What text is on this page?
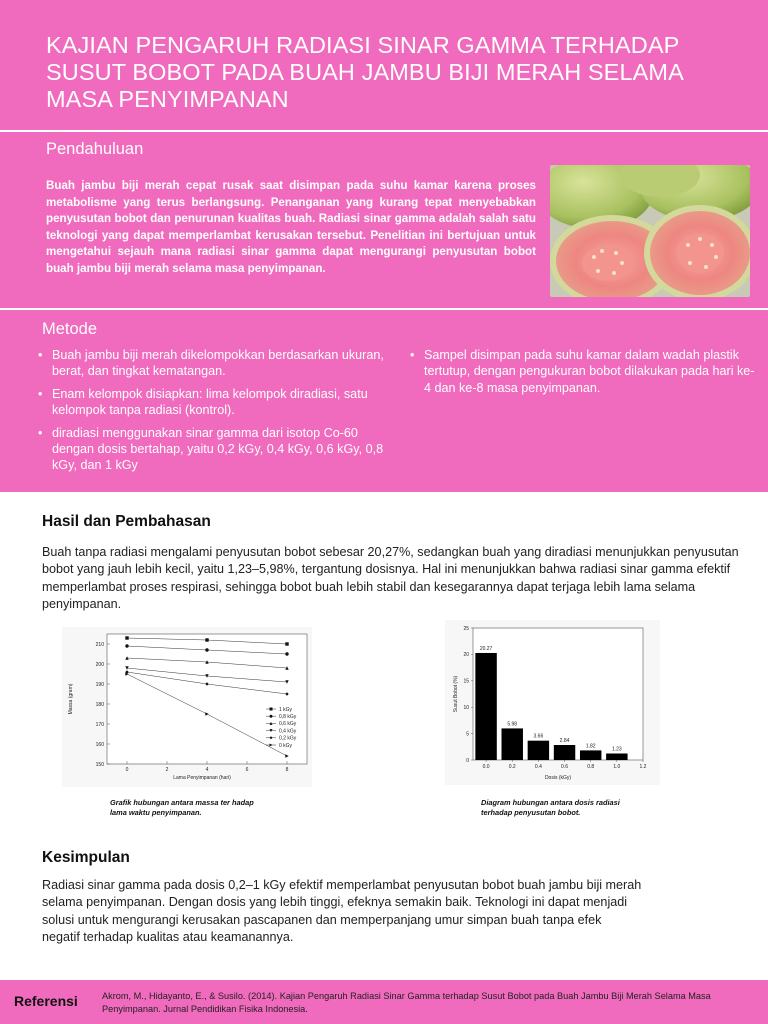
KAJIAN PENGARUH RADIASI SINAR GAMMA TERHADAP SUSUT BOBOT PADA BUAH JAMBU BIJI MERAH SELAMA MASA PENYIMPANAN
Pendahuluan

Buah jambu biji merah cepat rusak saat disimpan pada suhu kamar karena proses metabolisme yang terus berlangsung. Penanganan yang kurang tepat menyebabkan penyusutan bobot dan penurunan kualitas buah. Radiasi sinar gamma adalah salah satu teknologi yang dapat memperlambat kerusakan tersebut. Penelitian ini bertujuan untuk mengetahui sejauh mana radiasi sinar gamma dapat mengurangi penyusutan bobot buah jambu biji merah selama masa penyimpanan.

Metode
• Buah jambu biji merah dikelompokkan berdasarkan ukuran, berat, dan tingkat kematangan.
• Enam kelompok disiapkan: lima kelompok diradiasi, satu kelompok tanpa radiasi (kontrol).
• diradiasi menggunakan sinar gamma dari isotop Co-60 dengan dosis bertahap, yaitu 0,2 kGy, 0,4 kGy, 0,6 kGy, 0,8 kGy, dan 1 kGy
• Sampel disimpan pada suhu kamar dalam wadah plastik tertutup, dengan pengukuran bobot dilakukan pada hari ke-4 dan ke-8 masa penyimpanan.
Hasil dan Pembahasan

Buah tanpa radiasi mengalami penyusutan bobot sebesar 20,27%, sedangkan buah yang diradiasi menunjukkan penyusutan bobot yang jauh lebih kecil, yaitu 1,23–5,98%, tergantung dosisnya. Hal ini menunjukkan bahwa radiasi sinar gamma efektif memperlambat proses respirasi, sehingga bobot buah lebih stabil dan kesegarannya dapat terjaga lebih lama selama penyimpanan.

0	2	4	6	8
150
160
170
180
190
200
210
1 kGy
0,8 kGy
0,6 kGy
0,4 kGy
0,2 kGy
0 kGy
Lama Penyimpanan (hari)
Massa (gram)
0.0	0.2	0.4	0.6	0.8	1.0	1.2
0
5
10
15
20
25
20.27
5.98
3.66
2.84
1.82
1.23
Dosis (kGy)
Susut Bobot (%)

Grafik hubungan antara massa ter hadap lama waktu penyimpanan.

Diagram hubungan antara dosis radiasi terhadap penyusutan bobot.

Kesimpulan

Radiasi sinar gamma pada dosis 0,2–1 kGy efektif memperlambat penyusutan bobot buah jambu biji merah selama penyimpanan. Dengan dosis yang lebih tinggi, efeknya semakin baik. Teknologi ini dapat menjadi solusi untuk mengurangi kerusakan pascapanen dan memperpanjang umur simpan buah tanpa efek negatif terhadap kualitas atau keamanannya.

Referensi	Akrom, M., Hidayanto, E., & Susilo. (2014). Kajian Pengaruh Radiasi Sinar Gamma terhadap Susut Bobot pada Buah Jambu Biji Merah Selama Masa Penyimpanan. Jurnal Pendidikan Fisika Indonesia.
